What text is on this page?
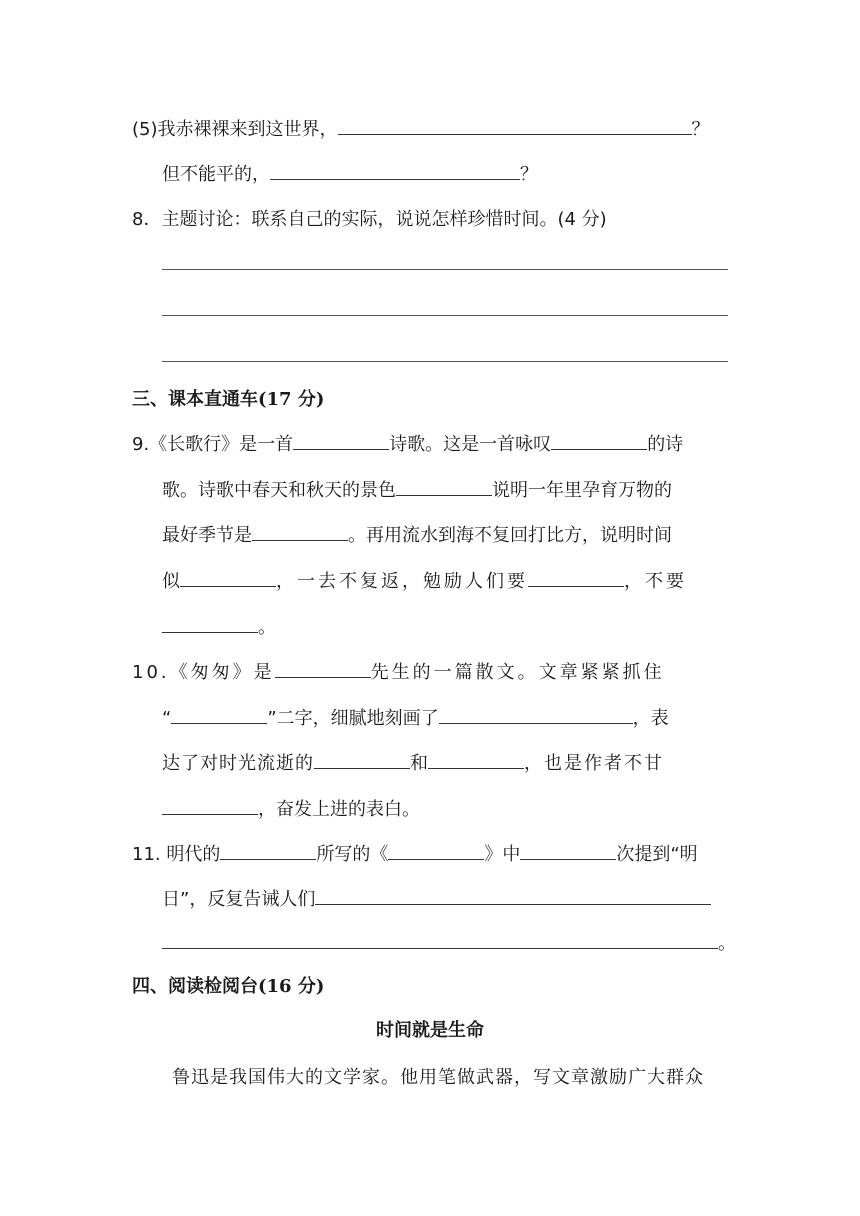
(5)我赤裸裸来到这世界，	？
但不能平的，	？
8．主题讨论：联系自己的实际，说说怎样珍惜时间。(4 分)
三、课本直通车(17 分)
9.《长歌行》是一首	诗歌。这是一首咏叹	的诗
歌。诗歌中春天和秋天的景色	说明一年里孕育万物的
最好季节是	。再用流水到海不复回打比方，说明时间
似	，一去不复返，勉励人们要	，不要
。
10.《匆匆》是	先生的一篇散文。文章紧紧抓住
“	”二字，细腻地刻画了	，表
达了对时光流逝的	和	，也是作者不甘
，奋发上进的表白。
11. 明代的	所写的《	》中	次提到“明
日”，反复告诫人们
。
四、阅读检阅台(16 分)
时间就是生命
鲁迅是我国伟大的文学家。他用笔做武器，写文章激励广大群众
